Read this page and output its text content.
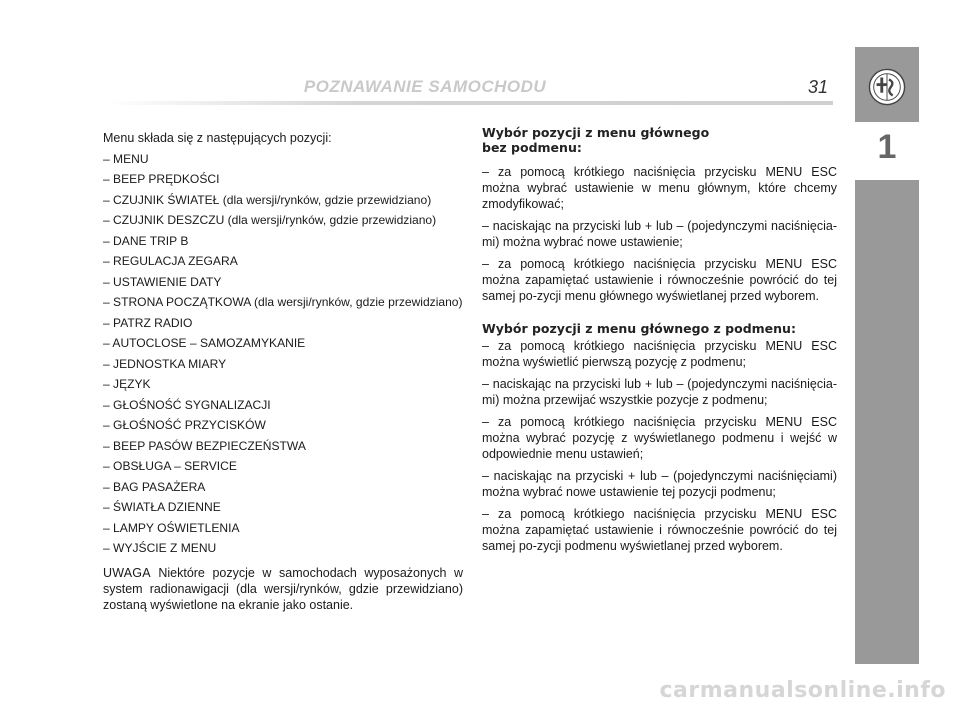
POZNAWANIE SAMOCHODU	31
1

Menu składa się z następujących pozycji:

– MENU
– BEEP PRĘDKOŚCI
– CZUJNIK ŚWIATEŁ (dla wersji/rynków, gdzie przewidziano)
– CZUJNIK DESZCZU (dla wersji/rynków, gdzie przewidziano)
– DANE TRIP B
– REGULACJA ZEGARA
– USTAWIENIE DATY
– STRONA POCZĄTKOWA (dla wersji/rynków, gdzie przewidziano)
– PATRZ RADIO
– AUTOCLOSE – SAMOZAMYKANIE
– JEDNOSTKA MIARY
– JĘZYK
– GŁOŚNOŚĆ SYGNALIZACJI
– GŁOŚNOŚĆ PRZYCISKÓW
– BEEP PASÓW BEZPIECZEŃSTWA
– OBSŁUGA – SERVICE
– BAG PASAŻERA
– ŚWIATŁA DZIENNE
– LAMPY OŚWIETLENIA
– WYJŚCIE Z MENU

UWAGA Niektóre pozycje w samochodach wyposażonych w system radionawigacji (dla wersji/rynków, gdzie przewidziano) zostaną wyświetlone na ekranie jako ostanie.

Wybór pozycji z menu głównego
bez podmenu:

– za pomocą krótkiego naciśnięcia przycisku MENU ESC można wybrać ustawienie w menu głównym, które chcemy zmodyfikować;

– naciskając na przyciski lub + lub – (pojedynczymi naciśnięcia-mi) można wybrać nowe ustawienie;

– za pomocą krótkiego naciśnięcia przycisku MENU ESC można zapamiętać ustawienie i równocześnie powrócić do tej samej po-zycji menu głównego wyświetlanej przed wyborem.

Wybór pozycji z menu głównego z podmenu:

– za pomocą krótkiego naciśnięcia przycisku MENU ESC można wyświetlić pierwszą pozycję z podmenu;

– naciskając na przyciski lub + lub – (pojedynczymi naciśnięcia-mi) można przewijać wszystkie pozycje z podmenu;

– za pomocą krótkiego naciśnięcia przycisku MENU ESC można wybrać pozycję z wyświetlanego podmenu i wejść w odpowiednie menu ustawień;

– naciskając na przyciski + lub – (pojedynczymi naciśnięciami) można wybrać nowe ustawienie tej pozycji podmenu;

– za pomocą krótkiego naciśnięcia przycisku MENU ESC można zapamiętać ustawienie i równocześnie powrócić do tej samej po-zycji podmenu wyświetlanej przed wyborem.

carmanualsonline.info
